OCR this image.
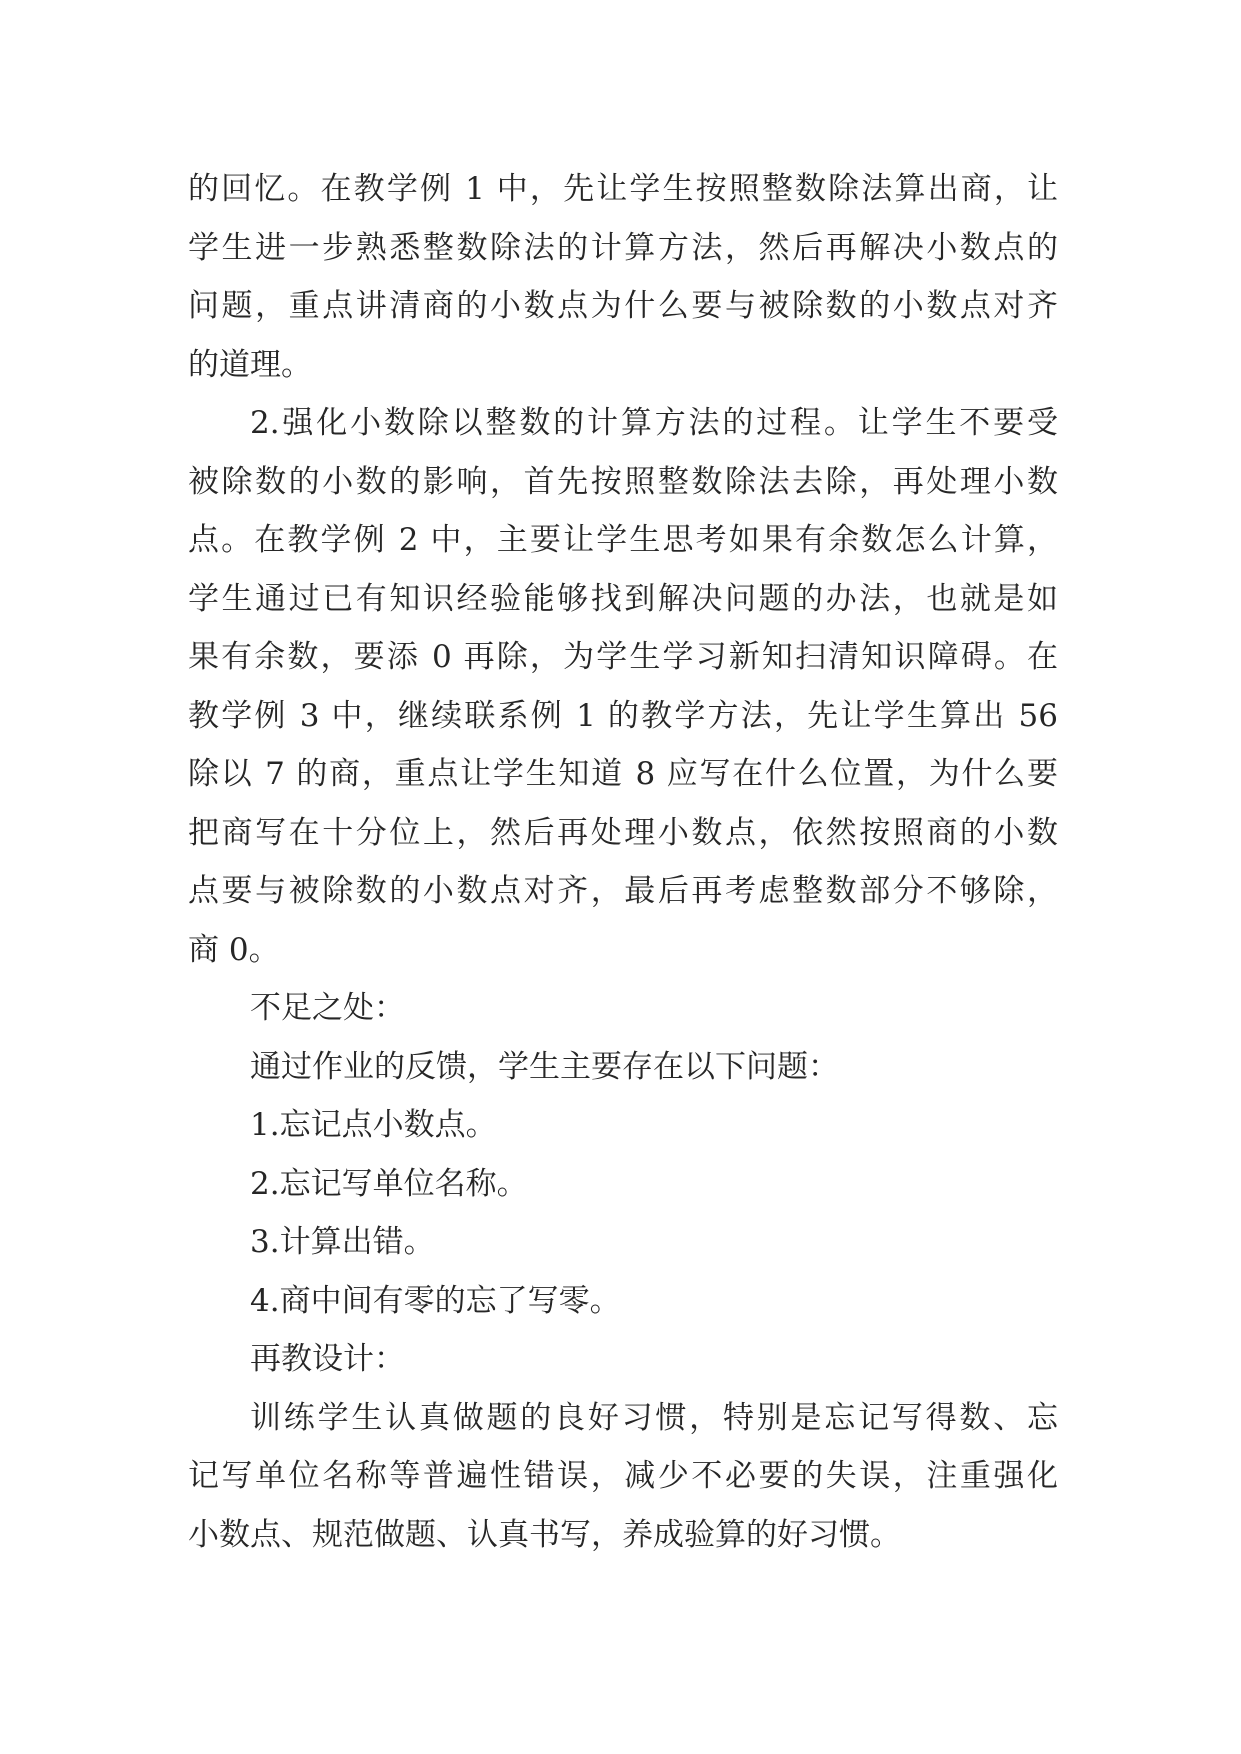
的回忆。在教学例 1 中，先让学生按照整数除法算出商，让
学生进一步熟悉整数除法的计算方法，然后再解决小数点的
问题，重点讲清商的小数点为什么要与被除数的小数点对齐
的道理。
2.强化小数除以整数的计算方法的过程。让学生不要受
被除数的小数的影响，首先按照整数除法去除，再处理小数
点。在教学例 2 中，主要让学生思考如果有余数怎么计算，
学生通过已有知识经验能够找到解决问题的办法，也就是如
果有余数，要添 0 再除，为学生学习新知扫清知识障碍。在
教学例 3 中，继续联系例 1 的教学方法，先让学生算出 56
除以 7 的商，重点让学生知道 8 应写在什么位置，为什么要
把商写在十分位上，然后再处理小数点，依然按照商的小数
点要与被除数的小数点对齐，最后再考虑整数部分不够除，
商 0。
不足之处：
通过作业的反馈，学生主要存在以下问题：
1.忘记点小数点。
2.忘记写单位名称。
3.计算出错。
4.商中间有零的忘了写零。
再教设计：
训练学生认真做题的良好习惯，特别是忘记写得数、忘
记写单位名称等普遍性错误，减少不必要的失误，注重强化
小数点、规范做题、认真书写，养成验算的好习惯。
